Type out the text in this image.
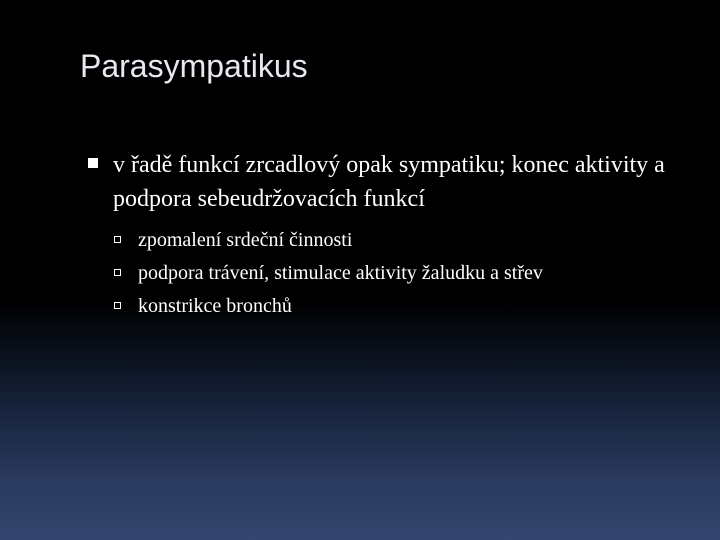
Parasympatikus
v řadě funkcí zrcadlový opak sympatiku; konec aktivity a podpora sebeudržovacích funkcí
zpomalení srdeční činnosti
podpora trávení, stimulace aktivity žaludku a střev
konstrikce bronchů
